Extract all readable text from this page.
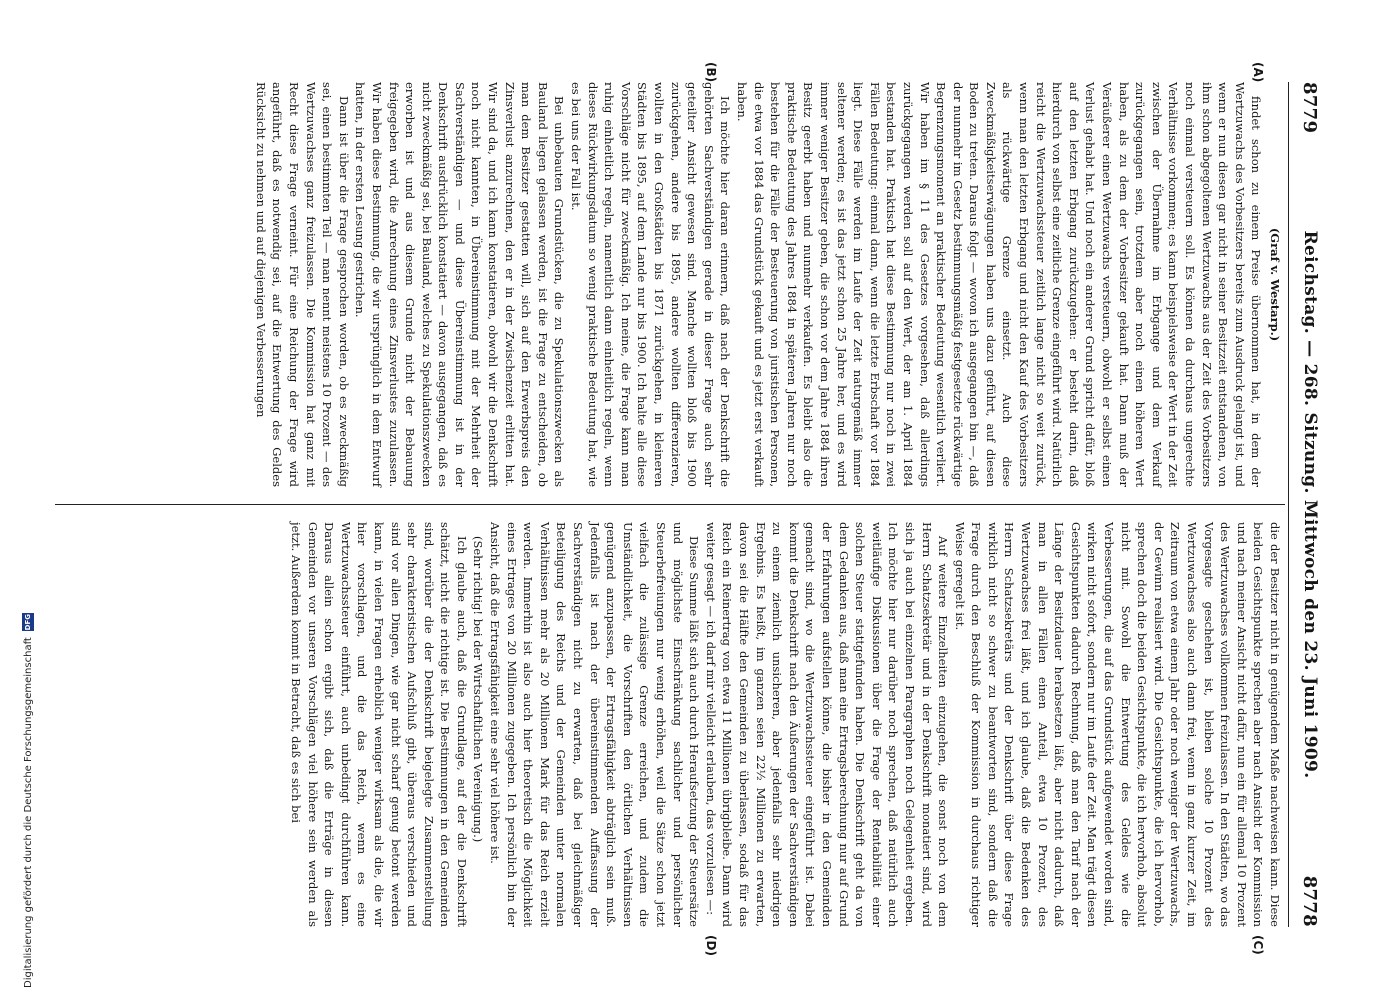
8779
Reichstag. — 268. Sitzung. Mittwoch den 23. Juni 1909.
8778

(Graf v. Westarp.)

findet schon zu einem Preise übernommen hat, in dem der Wertzuwachs des Vorbesitzers bereits zum Ausdruck gelangt ist, und wenn er nun diesen gar nicht in seiner Besitzzeit entstandenen, von ihm schon abgegoltenen Wertzuwachs aus der Zeit des Vorbesitzers noch einmal versteuern soll. Es können da durchaus ungerechte Verhältnisse vorkommen; es kann beispielsweise der Wert in der Zeit zwischen der Übernahme im Erbgange und dem Verkauf zurückgegangen sein, trotzdem aber noch einen höheren Wert haben, als zu dem der Vorbesitzer gekauft hat. Dann muß der Veräußerer einen Wertzuwachs versteuern, obwohl er selbst einen Verlust gehabt hat. Und noch ein anderer Grund spricht dafür, bloß auf den letzten Erbgang zurückzugehen: er besteht darin, daß hierdurch von selbst eine zeitliche Grenze eingeführt wird. Natürlich reicht die Wertzuwachssteuer zeitlich lange nicht so weit zurück, wenn man den letzten Erbgang und nicht den Kauf des Vorbesitzers als rückwärtige Grenze einsetzt. Auch diese Zweckmäßigkeitserwägungen haben uns dazu geführt, auf diesen Boden zu treten. Daraus folgt — wovon ich ausgegangen bin —, daß der nunmehr im Gesetz bestimmungsmäßig festgesetzte rückwärtige Begrenzungsmoment an praktischer Bedeutung wesentlich verliert. Wir haben im § 11 des Gesetzes vorgesehen, daß allerdings zurückgegangen werden soll auf den Wert, der am 1. April 1884 bestanden hat. Praktisch hat diese Bestimmung nur noch in zwei Fällen Bedeutung: einmal dann, wenn die letzte Erbschaft vor 1884 liegt. Diese Fälle werden im Laufe der Zeit naturgemäß immer seltener werden; es ist das jetzt schon 25 Jahre her, und es wird immer weniger Besitzer geben, die schon vor dem Jahre 1884 ihren Besitz geerbt haben und nunmehr verkaufen. Es bleibt also die praktische Bedeutung des Jahres 1884 in späteren Jahren nur noch bestehen für die Fälle der Besteuerung von juristischen Personen, die etwa vor 1884 das Grundstück gekauft und es jetzt erst verkauft haben.

Ich möchte hier daran erinnern, daß nach der Denkschrift die gehörten Sachverständigen gerade in dieser Frage auch sehr geteilter Ansicht gewesen sind. Manche wollten bloß bis 1900 zurückgehen, andere bis 1895, andere wollten differenzieren, wollten in den Großstädten bis 1871 zurückgehen, in kleineren Städten bis 1895, auf dem Lande nur bis 1900. Ich halte alle diese Vorschläge nicht für zweckmäßig. Ich meine, die Frage kann man ruhig einheitlich regeln, namentlich dann einheitlich regeln, wenn dieses Rückwirkungsdatum so wenig praktische Bedeutung hat, wie es bei uns der Fall ist.

Bei unbebauten Grundstücken, die zu Spekulationszwecken als Bauland liegen gelassen werden, ist die Frage zu entscheiden, ob man dem Besitzer gestatten will, sich auf den Erwerbspreis den Zinsverlust anzurechnen, den er in der Zwischenzeit erlitten hat. Wir sind da, und ich kann konstatieren, obwohl wir die Denkschrift noch nicht kannten, in Übereinstimmung mit der Mehrheit der Sachverständigen — und diese Übereinstimmung ist in der Denkschrift ausdrücklich konstatiert — davon ausgegangen, daß es nicht zweckmäßig sei, bei Bauland, welches zu Spekulationszwecken erworben ist und aus diesem Grunde nicht der Bebauung freigegeben wird, die Anrechnung eines Zinsverlustes zuzulassen. Wir haben diese Bestimmung, die wir ursprünglich in dem Entwurf hatten, in der ersten Lesung gestrichen.

Dann ist über die Frage gesprochen worden, ob es zweckmäßig sei, einen bestimmten Teil — man nennt meistens 10 Prozent — des Wertzuwachses ganz freizulassen. Die Kommission hat ganz mit Recht diese Frage verneint. Für eine Reichung der Frage wird angeführt, daß es notwendig sei, auf die Entwertung des Geldes Rücksicht zu nehmen und auf diejenigen Verbesserungen

die der Besitzer nicht in genügendem Maße nachweisen kann. Diese beiden Gesichtspunkte sprechen aber nach Ansicht der Kommission und nach meiner Ansicht nicht dafür, nun ein für allemal 10 Prozent des Wertzuwachses vollkommen freizulassen. In den Städten, wo das Vorgesagte geschehen ist, bleiben solche 10 Prozent des Wertzuwachses also auch dann frei, wenn in ganz kurzer Zeit, im Zeitraum von etwa einem Jahr oder noch weniger der Wertzuwachs, der Gewinn realisiert wird. Die Gesichtspunkte, die ich hervorhob, sprechen doch die beiden Gesichtspunkte, die ich hervorhob, absolut nicht mit. Sowohl die Entwertung des Geldes wie die Verbesserungen, die auf das Grundstück aufgewendet worden sind, wirken nicht sofort, sondern nur im Laufe der Zeit. Man trägt diesen Gesichtspunkten dadurch Rechnung, daß man den Tarif nach der Länge der Besitzdauer herabsetzen läßt, aber nicht dadurch, daß man in allen Fällen einen Anteil, etwa 10 Prozent, des Wertzuwachses frei läßt, und ich glaube, daß die Bedenken des Herrn Schatzsekretärs und der Denkschrift über diese Frage wirklich nicht so schwer zu beantworten sind, sondern daß die Frage durch den Beschluß der Kommission in durchaus richtiger Weise geregelt ist.

Auf weitere Einzelheiten einzugehen, die sonst noch von dem Herrn Schatzsekretär und in der Denkschrift monatiert sind, wird sich ja auch bei einzelnen Paragraphen noch Gelegenheit ergeben. Ich möchte hier nur darüber noch sprechen, daß natürlich auch weitläufige Diskussionen über die Frage der Rentabilität einer solchen Steuer stattgefunden haben. Die Denkschrift geht da von dem Gedanken aus, daß man eine Ertragsberechnung nur auf Grund der Erfahrungen aufstellen könne, die bisher in den Gemeinden gemacht sind, wo die Wertzuwachssteuer eingeführt ist. Dabei kommt die Denkschrift nach den Äußerungen der Sachverständigen zu einem ziemlich unsicheren, aber jedenfalls sehr niedrigen Ergebnis. Es heißt, im ganzen seien 22½ Millionen zu erwarten, davon sei die Hälfte den Gemeinden zu überlassen, sodaß für das Reich ein Reinertrag von etwa 11 Millionen übrigbleibe. Dann wird weiter gesagt — ich darf mir vielleicht erlauben, das vorzulesen —:

Diese Summe läßt sich auch durch Heraufsetzung der Steuersätze und möglichste Einschränkung sachlicher und persönlicher Steuerbefreiungen nur wenig erhöhen, weil die Sätze schon jetzt vielfach die zulässige Grenze erreichen, und zudem die Umständlichkeit, die Vorschriften den örtlichen Verhältnissen genügend anzupassen, der Ertragsfähigkeit abträglich sein muß. Jedenfalls ist nach der übereinstimmenden Auffassung der Sachverständigen nicht zu erwarten, daß bei gleichmäßiger Beteiligung des Reichs und der Gemeinden unter normalen Verhältnissen mehr als 20 Millionen Mark für das Reich erzielt werden. Immerhin ist also auch hier theoretisch die Möglichkeit eines Ertrages von 20 Millionen zugegeben. Ich persönlich bin der Ansicht, daß die Ertragsfähigkeit eine sehr viel höhere ist.

(Sehr richtig! bei der Wirtschaftlichen Vereinigung.)

Ich glaube auch, daß die Grundlage, auf der die Denkschrift schätzt, nicht die richtige ist. Die Bestimmungen in den Gemeinden sind, worüber die der Denkschrift beigelegte Zusammenstellung sehr charakteristischen Aufschluß gibt, überaus verschieden und sind vor allen Dingen, wie gar nicht scharf genug betont werden kann, in vielen Fragen erheblich weniger wirksam als die, die wir hier vorschlagen, und die das Reich, wenn es eine Wertzuwachssteuer einführt, auch unbedingt durchführen kann. Daraus allein schon ergibt sich, daß die Erträge in diesen Gemeinden vor unseren Vorschlägen viel höhere sein werden als jetzt. Außerdem kommt in Betracht, daß es sich bei

(A)
(B)
(C)
(D)
Digitalisierung gefördert durch die Deutsche Forschungsgemeinschaft
DFG
